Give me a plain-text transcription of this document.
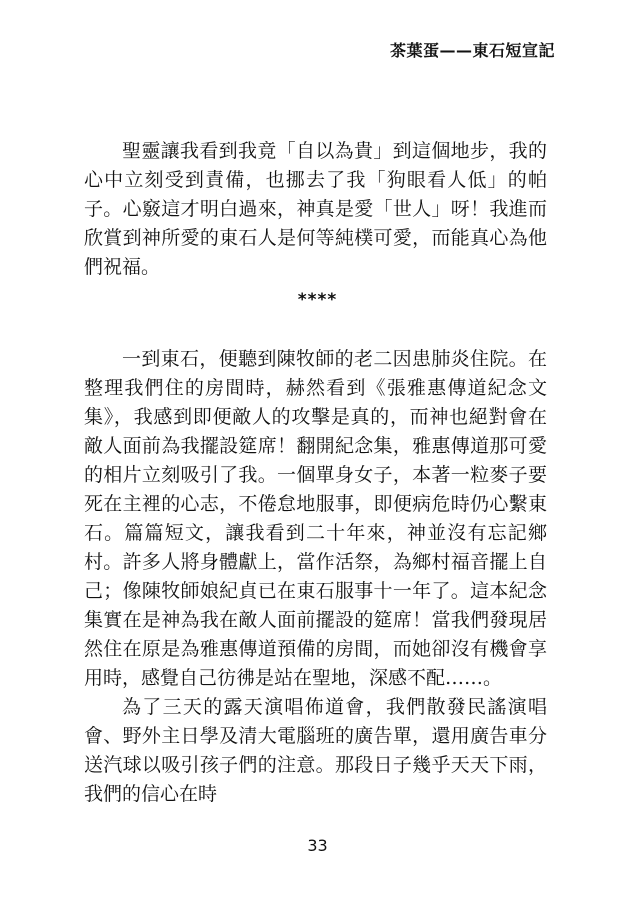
茶葉蛋——東石短宣記

聖靈讓我看到我竟「自以為貴」到這個地步，我的心中立刻受到責備，也挪去了我「狗眼看人低」的帕子。心竅這才明白過來，神真是愛「世人」呀！我進而欣賞到神所愛的東石人是何等純樸可愛，而能真心為他們祝福。

****

一到東石，便聽到陳牧師的老二因患肺炎住院。在整理我們住的房間時，赫然看到《張雅惠傳道紀念文集》，我感到即便敵人的攻擊是真的，而神也絕對會在敵人面前為我擺設筵席！翻開紀念集，雅惠傳道那可愛的相片立刻吸引了我。一個單身女子，本著一粒麥子要死在主裡的心志，不倦怠地服事，即便病危時仍心繫東石。篇篇短文，讓我看到二十年來，神並沒有忘記鄉村。許多人將身體獻上，當作活祭，為鄉村福音擺上自己；像陳牧師娘紀貞已在東石服事十一年了。這本紀念集實在是神為我在敵人面前擺設的筵席！當我們發現居然住在原是為雅惠傳道預備的房間，而她卻沒有機會享用時，感覺自己彷彿是站在聖地，深感不配……。

為了三天的露天演唱佈道會，我們散發民謠演唱會、野外主日學及清大電腦班的廣告單，還用廣告車分送汽球以吸引孩子們的注意。那段日子幾乎天天下雨，我們的信心在時

33
